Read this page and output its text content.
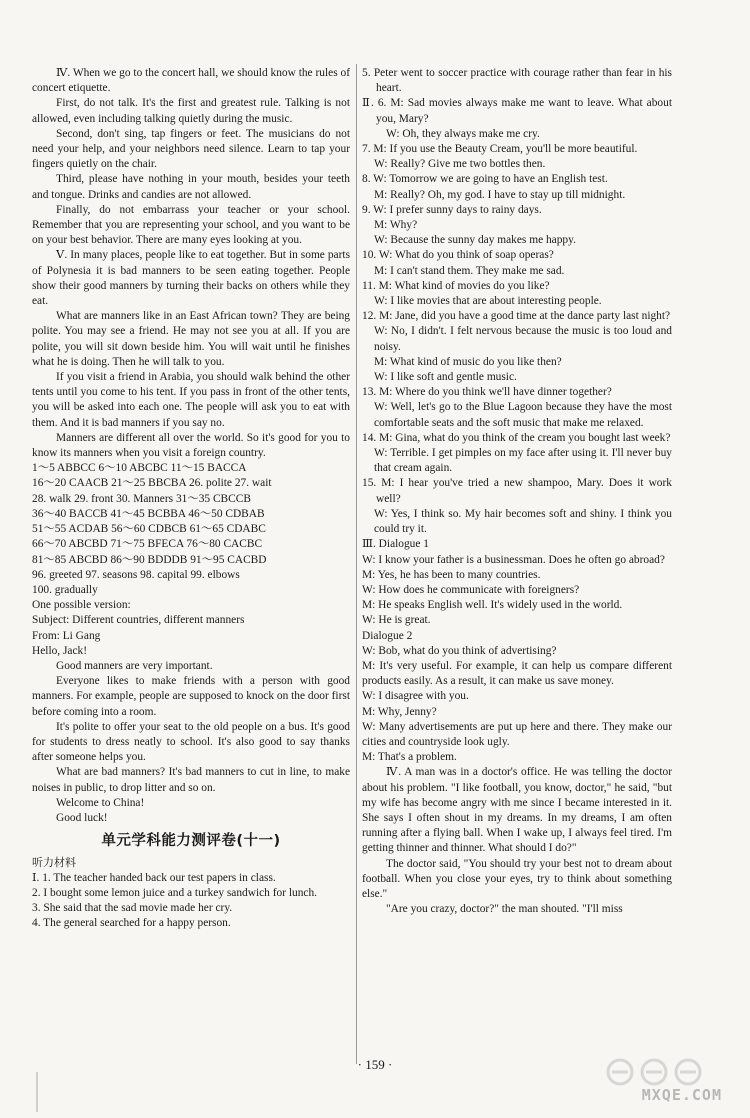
Ⅳ. When we go to the concert hall, we should know the rules of concert etiquette.

First, do not talk. It's the first and greatest rule. Talking is not allowed, even including talking quietly during the music.

Second, don't sing, tap fingers or feet. The musicians do not need your help, and your neighbors need silence. Learn to tap your fingers quietly on the chair.

Third, please have nothing in your mouth, besides your teeth and tongue. Drinks and candies are not allowed.

Finally, do not embarrass your teacher or your school. Remember that you are representing your school, and you want to be on your best behavior. There are many eyes looking at you.

Ⅴ. In many places, people like to eat together. But in some parts of Polynesia it is bad manners to be seen eating together. People show their good manners by turning their backs on others while they eat.

What are manners like in an East African town? They are being polite. You may see a friend. He may not see you at all. If you are polite, you will sit down beside him. You will wait until he finishes what he is doing. Then he will talk to you.

If you visit a friend in Arabia, you should walk behind the other tents until you come to his tent. If you pass in front of the other tents, you will be asked into each one. The people will ask you to eat with them. And it is bad manners if you say no.

Manners are different all over the world. So it's good for you to know its manners when you visit a foreign country.

1～5 ABBCC 6～10 ABCBC 11～15 BACCA

16～20 CAACB 21～25 BBCBA 26. polite 27. wait

28. walk 29. front 30. Manners 31～35 CBCCB

36～40 BACCB 41～45 BCBBA 46～50 CDBAB

51～55 ACDAB 56～60 CDBCB 61～65 CDABC

66～70 ABCBD 71～75 BFECA 76～80 CACBC

81～85 ABCBD 86～90 BDDDB 91～95 CACBD

96. greeted 97. seasons 98. capital 99. elbows

100. gradually

One possible version:

Subject: Different countries, different manners

From: Li Gang

Hello, Jack!

Good manners are very important.

Everyone likes to make friends with a person with good manners. For example, people are supposed to knock on the door first before coming into a room.

It's polite to offer your seat to the old people on a bus. It's good for students to dress neatly to school. It's also good to say thanks after someone helps you.

What are bad manners? It's bad manners to cut in line, to make noises in public, to drop litter and so on.

Welcome to China!

Good luck!

单元学科能力测评卷(十一)
听力材料

Ⅰ. 1. The teacher handed back our test papers in class.

2. I bought some lemon juice and a turkey sandwich for lunch.

3. She said that the sad movie made her cry.

4. The general searched for a happy person.

5. Peter went to soccer practice with courage rather than fear in his heart.

Ⅱ. 6. M: Sad movies always make me want to leave. What about you, Mary?

W: Oh, they always make me cry.

7. M: If you use the Beauty Cream, you'll be more beautiful.

W: Really? Give me two bottles then.

8. W: Tomorrow we are going to have an English test.

M: Really? Oh, my god. I have to stay up till midnight.

9. W: I prefer sunny days to rainy days.

M: Why?

W: Because the sunny day makes me happy.

10. W: What do you think of soap operas?

M: I can't stand them. They make me sad.

11. M: What kind of movies do you like?

W: I like movies that are about interesting people.

12. M: Jane, did you have a good time at the dance party last night?

W: No, I didn't. I felt nervous because the music is too loud and noisy.

M: What kind of music do you like then?

W: I like soft and gentle music.

13. M: Where do you think we'll have dinner together?

W: Well, let's go to the Blue Lagoon because they have the most comfortable seats and the soft music that make me relaxed.

14. M: Gina, what do you think of the cream you bought last week?

W: Terrible. I get pimples on my face after using it. I'll never buy that cream again.

15. M: I hear you've tried a new shampoo, Mary. Does it work well?

W: Yes, I think so. My hair becomes soft and shiny. I think you could try it.

Ⅲ. Dialogue 1

W: I know your father is a businessman. Does he often go abroad?

M: Yes, he has been to many countries.

W: How does he communicate with foreigners?

M: He speaks English well. It's widely used in the world.

W: He is great.

Dialogue 2

W: Bob, what do you think of advertising?

M: It's very useful. For example, it can help us compare different products easily. As a result, it can make us save money.

W: I disagree with you.

M: Why, Jenny?

W: Many advertisements are put up here and there. They make our cities and countryside look ugly.

M: That's a problem.

Ⅳ. A man was in a doctor's office. He was telling the doctor about his problem. "I like football, you know, doctor," he said, "but my wife has become angry with me since I became interested in it. She says I often shout in my dreams. In my dreams, I am often running after a flying ball. When I wake up, I always feel tired. I'm getting thinner and thinner. What should I do?"

The doctor said, "You should try your best not to dream about football. When you close your eyes, try to think about something else."

"Are you crazy, doctor?" the man shouted. "I'll miss

· 159 ·
MXQE.COM
